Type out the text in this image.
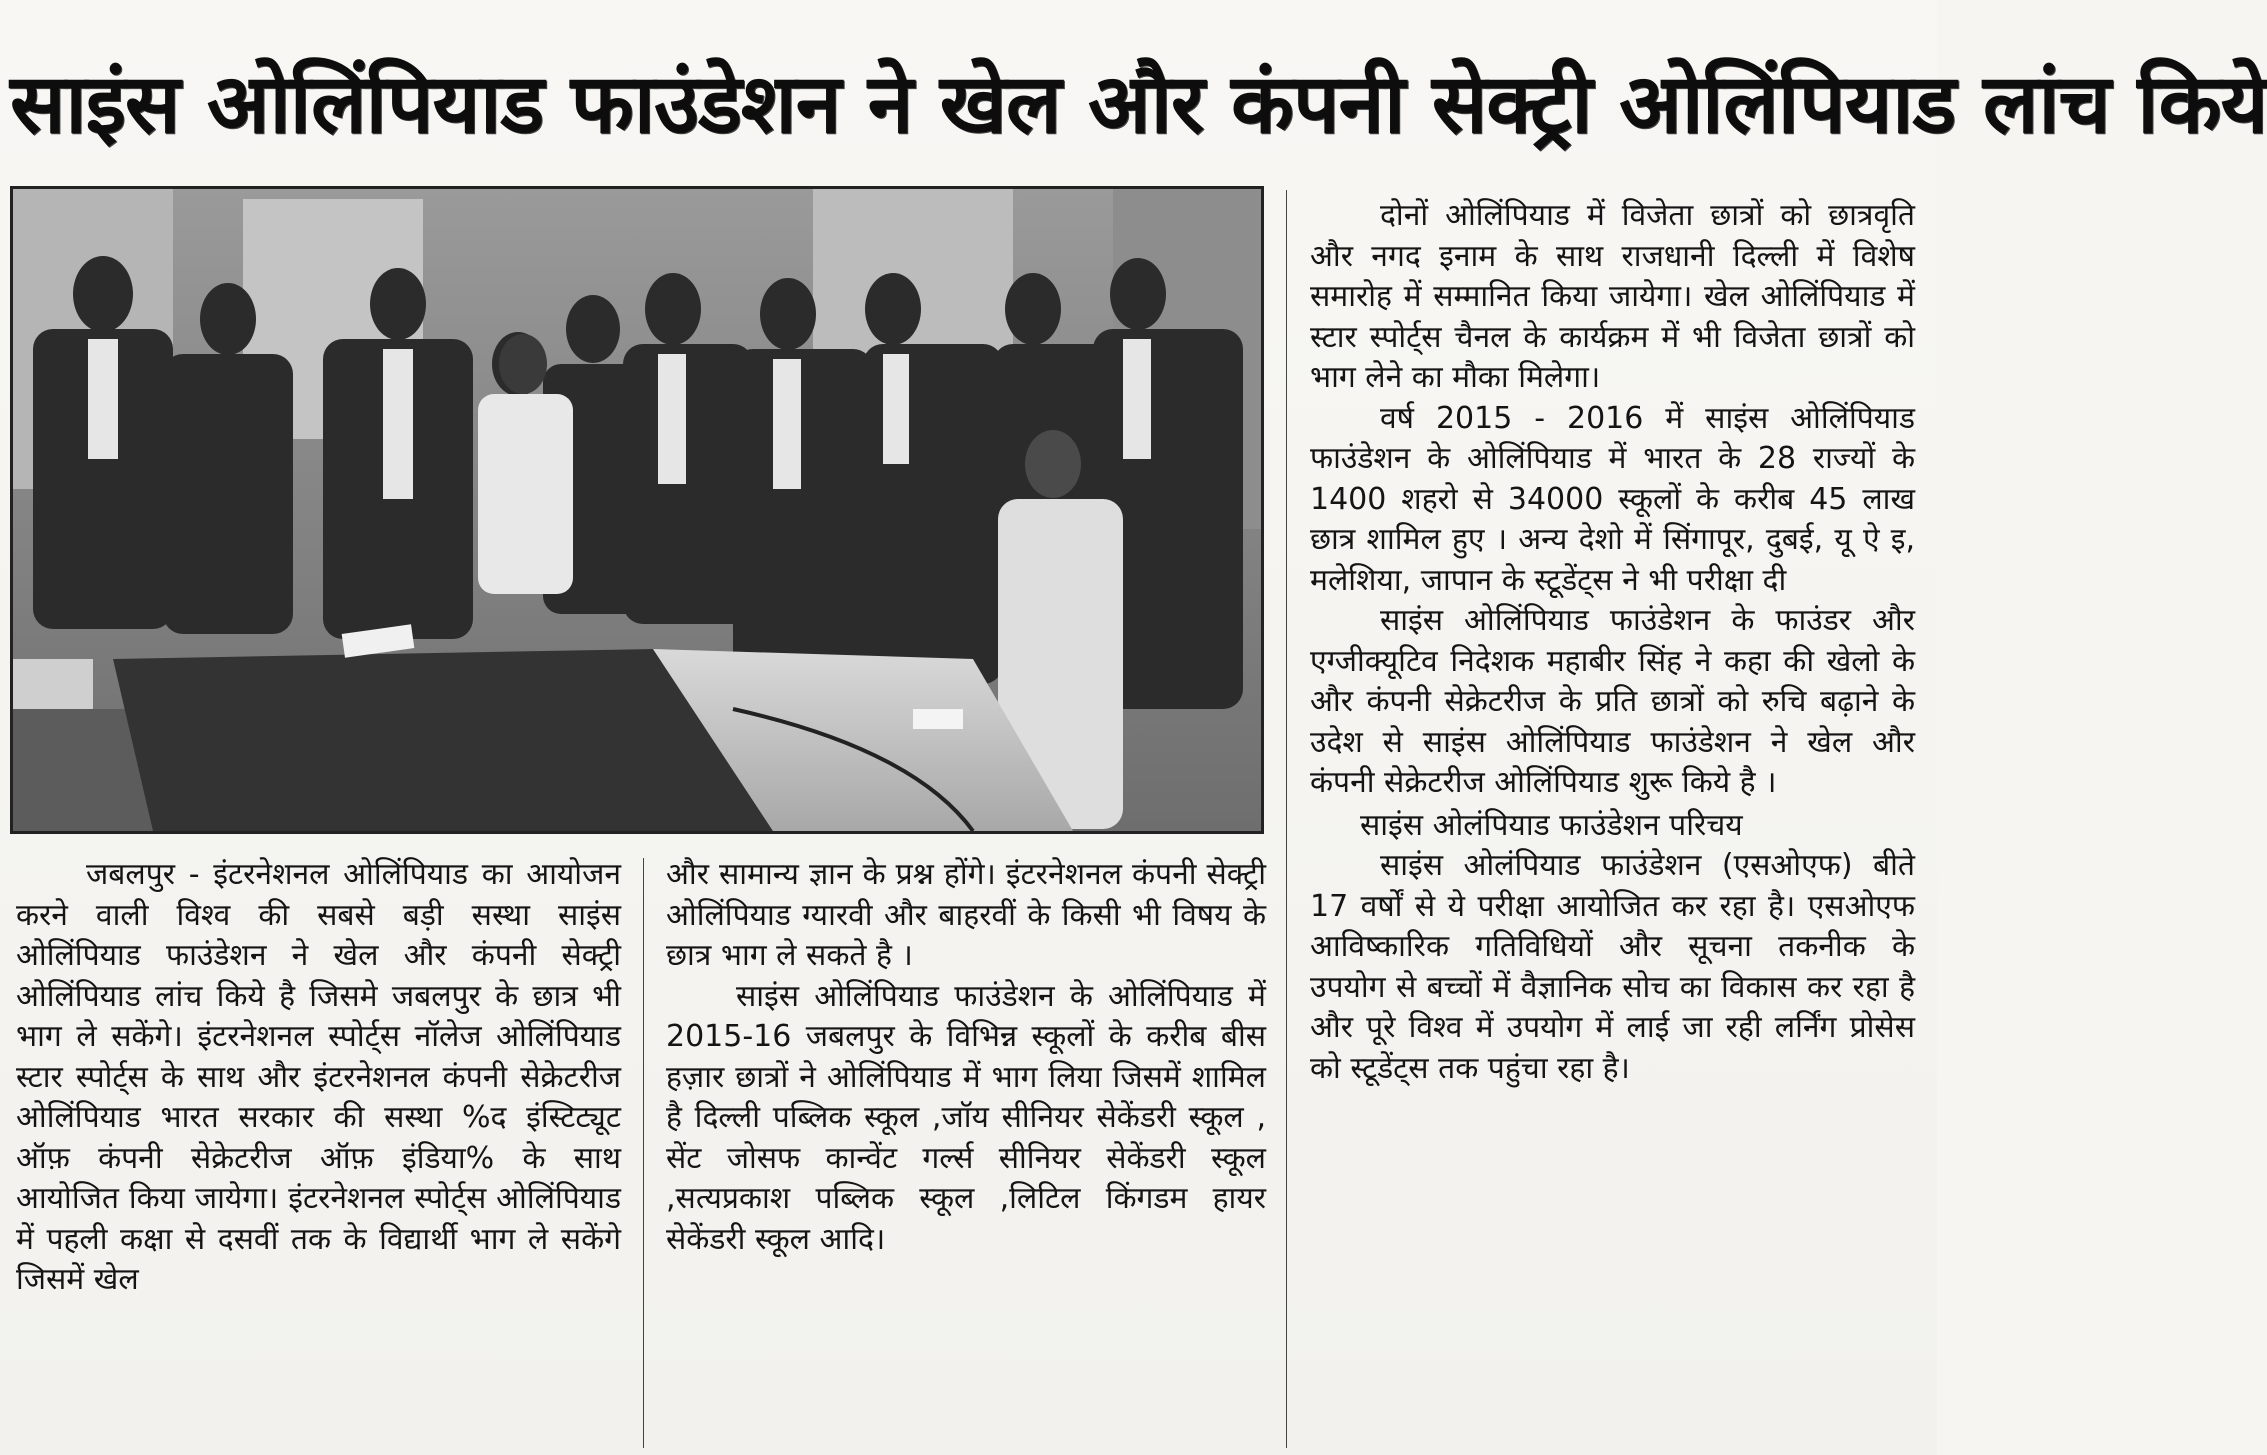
साइंस ओलिंपियाड फाउंडेशन ने खेल और कंपनी सेक्ट्री ओलिंपियाड लांच किये

जबलपुर - इंटरनेशनल ओलिंपियाड का आयोजन करने वाली विश्व की सबसे बड़ी सस्था साइंस ओलिंपियाड फाउंडेशन ने खेल और कंपनी सेक्ट्री ओलिंपियाड लांच किये है जिसमे जबलपुर के छात्र भी भाग ले सकेंगे। इंटरनेशनल स्पोर्ट्स नॉलेज ओलिंपियाड स्टार स्पोर्ट्स के साथ और इंटरनेशनल कंपनी सेक्रेटरीज ओलिंपियाड भारत सरकार की सस्था %द इंस्टिट्यूट ऑफ़ कंपनी सेक्रेटरीज ऑफ़ इंडिया% के साथ आयोजित किया जायेगा। इंटरनेशनल स्पोर्ट्स ओलिंपियाड में पहली कक्षा से दसवीं तक के विद्यार्थी भाग ले सकेंगे जिसमें खेल

और सामान्य ज्ञान के प्रश्न होंगे। इंटरनेशनल कंपनी सेक्ट्री ओलिंपियाड ग्यारवी और बाहरवीं के किसी भी विषय के छात्र भाग ले सकते है ।

साइंस ओलिंपियाड फाउंडेशन के ओलिंपियाड में 2015-16 जबलपुर के विभिन्न स्कूलों के करीब बीस हज़ार छात्रों ने ओलिंपियाड में भाग लिया जिसमें शामिल है दिल्ली पब्लिक स्कूल ,जॉय सीनियर सेकेंडरी स्कूल , सेंट जोसफ कान्वेंट गर्ल्स सीनियर सेकेंडरी स्कूल ,सत्यप्रकाश पब्लिक स्कूल ,लिटिल किंगडम हायर सेकेंडरी स्कूल आदि।

दोनों ओलिंपियाड में विजेता छात्रों को छात्रवृति और नगद इनाम के साथ राजधानी दिल्ली में विशेष समारोह में सम्मानित किया जायेगा। खेल ओलिंपियाड में स्टार स्पोर्ट्स चैनल के कार्यक्रम में भी विजेता छात्रों को भाग लेने का मौका मिलेगा।

वर्ष 2015 - 2016 में साइंस ओलिंपियाड फाउंडेशन के ओलिंपियाड में भारत के 28 राज्यों के 1400 शहरो से 34000 स्कूलों के करीब 45 लाख छात्र शामिल हुए । अन्य देशो में सिंगापूर, दुबई, यू ऐ इ, मलेशिया, जापान के स्टूडेंट्स ने भी परीक्षा दी

साइंस ओलिंपियाड फाउंडेशन के फाउंडर और एग्जीक्यूटिव निदेशक महाबीर सिंह ने कहा की खेलो के और कंपनी सेक्रेटरीज के प्रति छात्रों को रुचि बढ़ाने के उदेश से साइंस ओलिंपियाड फाउंडेशन ने खेल और कंपनी सेक्रेटरीज ओलिंपियाड शुरू किये है ।

साइंस ओलंपियाड फाउंडेशन परिचय

साइंस ओलंपियाड फाउंडेशन (एसओएफ) बीते 17 वर्षों से ये परीक्षा आयोजित कर रहा है। एसओएफ आविष्कारिक गतिविधियों और सूचना तकनीक के उपयोग से बच्चों में वैज्ञानिक सोच का विकास कर रहा है और पूरे विश्व में उपयोग में लाई जा रही लर्निंग प्रोसेस को स्टूडेंट्स तक पहुंचा रहा है।
